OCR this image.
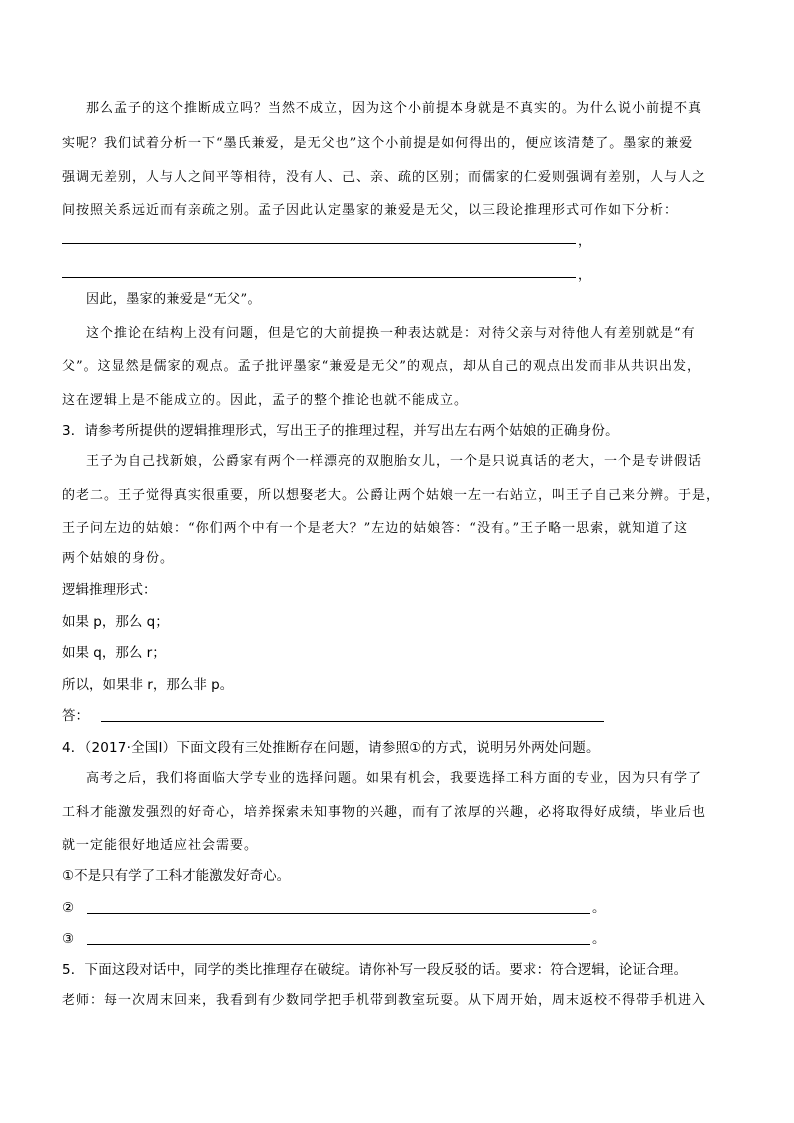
那么孟子的这个推断成立吗？当然不成立，因为这个小前提本身就是不真实的。为什么说小前提不真
实呢？我们试着分析一下“墨氏兼爱，是无父也”这个小前提是如何得出的，便应该清楚了。墨家的兼爱
强调无差别，人与人之间平等相待，没有人、己、亲、疏的区别；而儒家的仁爱则强调有差别，人与人之
间按照关系远近而有亲疏之别。孟子因此认定墨家的兼爱是无父，以三段论推理形式可作如下分析：
，
，
因此，墨家的兼爱是“无父”。
这个推论在结构上没有问题，但是它的大前提换一种表达就是：对待父亲与对待他人有差别就是“有
父”。这显然是儒家的观点。孟子批评墨家“兼爱是无父”的观点，却从自己的观点出发而非从共识出发，
这在逻辑上是不能成立的。因此，孟子的整个推论也就不能成立。
3．请参考所提供的逻辑推理形式，写出王子的推理过程，并写出左右两个姑娘的正确身份。
王子为自己找新娘，公爵家有两个一样漂亮的双胞胎女儿，一个是只说真话的老大，一个是专讲假话
的老二。王子觉得真实很重要，所以想娶老大。公爵让两个姑娘一左一右站立，叫王子自己来分辨。于是，
王子问左边的姑娘：“你们两个中有一个是老大？”左边的姑娘答：“没有。”王子略一思索，就知道了这
两个姑娘的身份。
逻辑推理形式：
如果 p，那么 q；
如果 q，那么 r；
所以，如果非 r，那么非 p。
答：
4．（2017·全国Ⅰ）下面文段有三处推断存在问题，请参照①的方式，说明另外两处问题。
高考之后，我们将面临大学专业的选择问题。如果有机会，我要选择工科方面的专业，因为只有学了
工科才能激发强烈的好奇心，培养探索未知事物的兴趣，而有了浓厚的兴趣，必将取得好成绩，毕业后也
就一定能很好地适应社会需要。
①不是只有学了工科才能激发好奇心。
②	。
③	。
5．下面这段对话中，同学的类比推理存在破绽。请你补写一段反驳的话。要求：符合逻辑，论证合理。
老师：每一次周末回来，我看到有少数同学把手机带到教室玩耍。从下周开始，周末返校不得带手机进入
